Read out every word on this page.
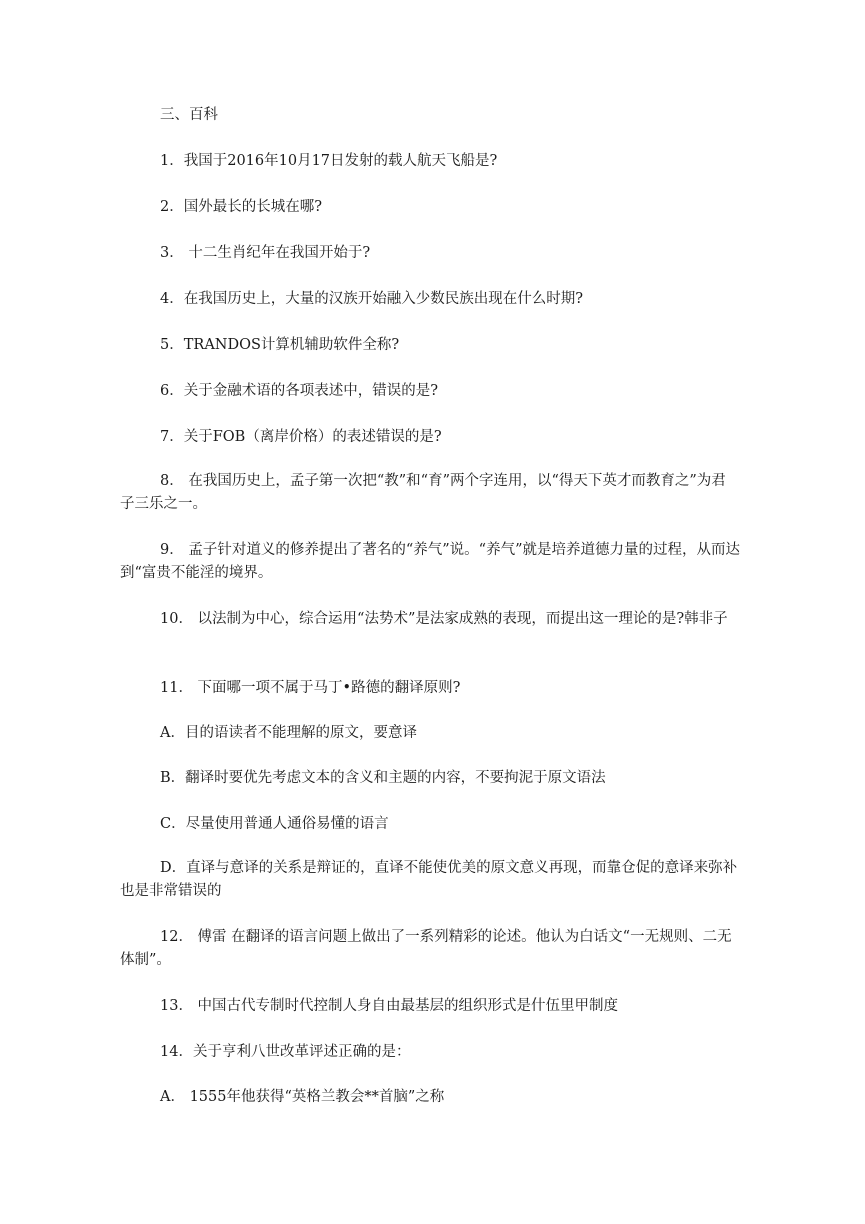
三、百科

1．我国于2016年10月17日发射的载人航天飞船是?

2．国外最长的长城在哪?

3． 十二生肖纪年在我国开始于?

4．在我国历史上，大量的汉族开始融入少数民族出现在什么时期?

5．TRANDOS计算机辅助软件全称?

6．关于金融术语的各项表述中，错误的是?

7．关于FOB（离岸价格）的表述错误的是?

8． 在我国历史上，孟子第一次把“教”和“育”两个字连用，以“得天下英才而教育之”为君子三乐之一。

9． 孟子针对道义的修养提出了著名的“养气”说。“养气”就是培养道德力量的过程，从而达到“富贵不能淫的境界。

10． 以法制为中心，综合运用“法势术”是法家成熟的表现，而提出这一理论的是?韩非子

11． 下面哪一项不属于马丁•路德的翻译原则?

A．目的语读者不能理解的原文，要意译

B．翻译时要优先考虑文本的含义和主题的内容，不要拘泥于原文语法

C．尽量使用普通人通俗易懂的语言

D．直译与意译的关系是辩证的，直译不能使优美的原文意义再现，而靠仓促的意译来弥补也是非常错误的

12． 傅雷 在翻译的语言问题上做出了一系列精彩的论述。他认为白话文“一无规则、二无体制”。

13． 中国古代专制时代控制人身自由最基层的组织形式是什伍里甲制度

14．关于亨利八世改革评述正确的是：

A． 1555年他获得“英格兰教会**首脑”之称
